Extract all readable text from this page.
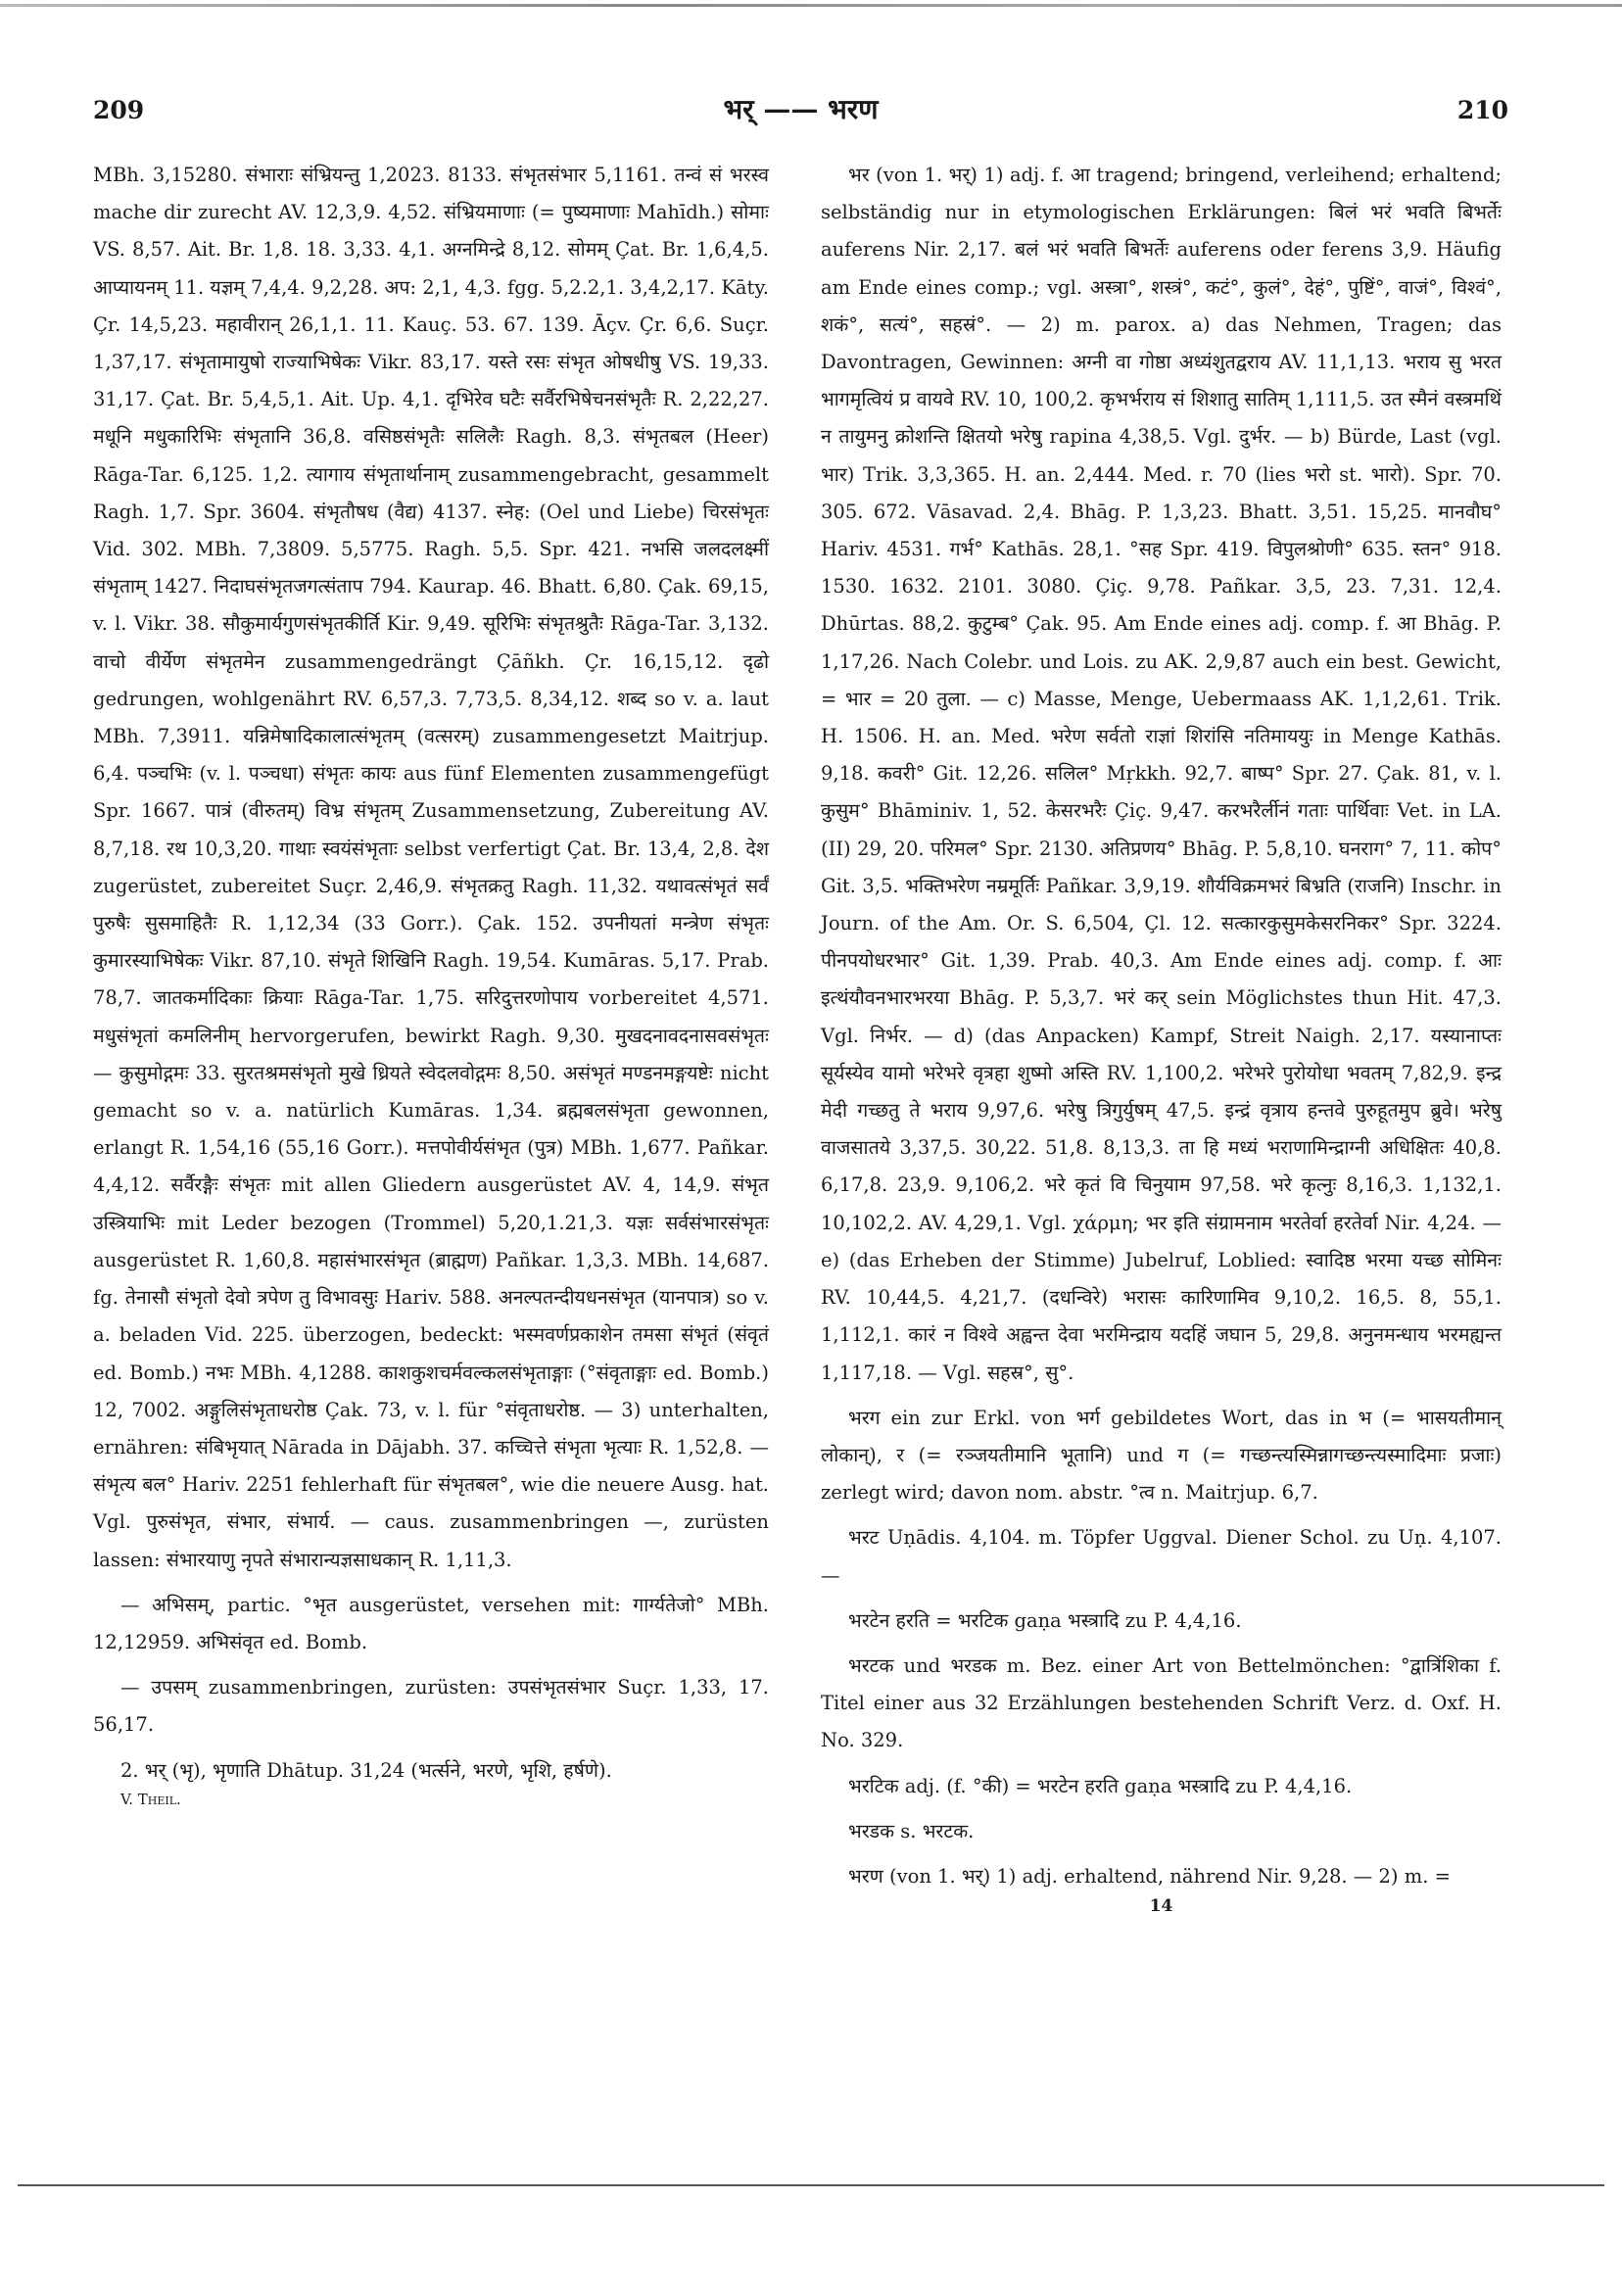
209	भर् —— भरण	210

MBh. 3,15280. संभाराः संभ्रियन्तु 1,2023. 8133. संभृतसंभार 5,1161. तन्वं सं भरस्व mache dir zurecht AV. 12,3,9. 4,52. संभ्रियमाणाः (= पुष्यमाणाः Mahīdh.) सोमाः VS. 8,57. Ait. Br. 1,8. 18. 3,33. 4,1. अग्नमिन्द्रे 8,12. सोमम् Çat. Br. 1,6,4,5. आप्यायनम् 11. यज्ञम् 7,4,4. 9,2,28. अप: 2,1, 4,3. fgg. 5,2.2,1. 3,4,2,17. Kāty. Çr. 14,5,23. महावीरान् 26,1,1. 11. Kauç. 53. 67. 139. Āçv. Çr. 6,6. Suçr. 1,37,17. संभृतामायुषो राज्याभिषेकः Vikr. 83,17. यस्ते रसः संभृत ओषधीषु VS. 19,33. 31,17. Çat. Br. 5,4,5,1. Ait. Up. 4,1. दृभिरेव घटैः सर्वैरभिषेचनसंभृतैः R. 2,22,27. मधूनि मधुकारिभिः संभृतानि 36,8. वसिष्ठसंभृतैः सलिलैः Ragh. 8,3. संभृतबल (Heer) Rāga-Tar. 6,125. 1,2. त्यागाय संभृतार्थानाम् zusammengebracht, gesammelt Ragh. 1,7. Spr. 3604. संभृतौषध (वैद्य) 4137. स्नेह: (Oel und Liebe) चिरसंभृतः Vid. 302. MBh. 7,3809. 5,5775. Ragh. 5,5. Spr. 421. नभसि जलदलक्ष्मीं संभृताम् 1427. निदाघसंभृतजगत्संताप 794. Kaurap. 46. Bhatt. 6,80. Çak. 69,15, v. l. Vikr. 38. सौकुमार्यगुणसंभृतकीर्ति Kir. 9,49. सूरिभिः संभृतश्रुतैः Rāga-Tar. 3,132. वाचो वीर्येण संभृतमेन zusammengedrängt Çāñkh. Çr. 16,15,12. दृढो gedrungen, wohlgenährt RV. 6,57,3. 7,73,5. 8,34,12. शब्द so v. a. laut MBh. 7,3911. यन्निमेषादिकालात्संभृतम् (वत्सरम्) zusammengesetzt Maitrjup. 6,4. पञ्चभिः (v. l. पञ्चधा) संभृतः कायः aus fünf Elementen zusammengefügt Spr. 1667. पात्रं (वीरुतम्) विभ्र संभृतम् Zusammensetzung, Zubereitung AV. 8,7,18. रथ 10,3,20. गाथाः स्वयंसंभृताः selbst verfertigt Çat. Br. 13,4, 2,8. देश zugerüstet, zubereitet Suçr. 2,46,9. संभृतक्रतु Ragh. 11,32. यथावत्संभृतं सर्वं पुरुषैः सुसमाहितैः R. 1,12,34 (33 Gorr.). Çak. 152. उपनीयतां मन्त्रेण संभृतः कुमारस्याभिषेकः Vikr. 87,10. संभृते शिखिनि Ragh. 19,54. Kumāras. 5,17. Prab. 78,7. जातकर्मादिकाः क्रियाः Rāga-Tar. 1,75. सरिदुत्तरणोपाय vorbereitet 4,571. मधुसंभृतां कमलिनीम् hervorgerufen, bewirkt Ragh. 9,30. मुखदनावदनासवसंभृतः — कुसुमोद्गमः 33. सुरतश्रमसंभृतो मुखे ध्रियते स्वेदलवोद्गमः 8,50. असंभृतं मण्डनमङ्गयष्टेः nicht gemacht so v. a. natürlich Kumāras. 1,34. ब्रह्मबलसंभृता gewonnen, erlangt R. 1,54,16 (55,16 Gorr.). मत्तपोवीर्यसंभृत (पुत्र) MBh. 1,677. Pañkar. 4,4,12. सर्वैरङ्गैः संभृतः mit allen Gliedern ausgerüstet AV. 4, 14,9. संभृत उस्त्रियाभिः mit Leder bezogen (Trommel) 5,20,1.21,3. यज्ञः सर्वसंभारसंभृतः ausgerüstet R. 1,60,8. महासंभारसंभृत (ब्राह्मण) Pañkar. 1,3,3. MBh. 14,687. fg. तेनासौ संभृतो देवो त्रपेण तु विभावसुः Hariv. 588. अनल्पतन्दीयधनसंभृत (यानपात्र) so v. a. beladen Vid. 225. überzogen, bedeckt: भस्मवर्णप्रकाशेन तमसा संभृतं (संवृतं ed. Bomb.) नभः MBh. 4,1288. काशकुशचर्मवल्कलसंभृताङ्गाः (°संवृताङ्गाः ed. Bomb.) 12, 7002. अङ्गुलिसंभृताधरोष्ठ Çak. 73, v. l. für °संवृताधरोष्ठ. — 3) unterhalten, ernähren: संबिभृयात् Nārada in Dājabh. 37. कच्चित्ते संभृता भृत्याः R. 1,52,8. — संभृत्य बल° Hariv. 2251 fehlerhaft für संभृतबल°, wie die neuere Ausg. hat. Vgl. पुरुसंभृत, संभार, संभार्य. — caus. zusammenbringen —, zurüsten lassen: संभारयाणु नृपते संभारान्यज्ञसाधकान् R. 1,11,3.

— अभिसम्, partic. °भृत ausgerüstet, versehen mit: गार्ग्यतेजो° MBh. 12,12959. अभिसंवृत ed. Bomb.

— उपसम् zusammenbringen, zurüsten: उपसंभृतसंभार Suçr. 1,33, 17. 56,17.

2. भर् (भृ), भृणाति Dhātup. 31,24 (भर्त्सने, भरणे, भृशि, हर्षणे).

V. Theil.

भर (von 1. भर्) 1) adj. f. आ tragend; bringend, verleihend; erhaltend; selbständig nur in etymologischen Erklärungen: बिलं भरं भवति बिभर्तेः auferens Nir. 2,17. बलं भरं भवति बिभर्तेः auferens oder ferens 3,9. Häufig am Ende eines comp.; vgl. अस्त्रा°, शस्त्रं°, कटं°, कुलं°, देहं°, पुष्टिं°, वाजं°, विश्वं°, शकं°, सत्यं°, सहस्रं°. — 2) m. parox. a) das Nehmen, Tragen; das Davontragen, Gewinnen: अग्नी वा गोष्ठा अध्यंशुतद्वराय AV. 11,1,13. भराय सु भरत भागमृत्वियं प्र वायवे RV. 10, 100,2. कृभर्भराय सं शिशातु सातिम् 1,111,5. उत स्मैनं वस्त्रमथिं न तायुमनु क्रोशन्ति क्षितयो भरेषु rapina 4,38,5. Vgl. दुर्भर. — b) Bürde, Last (vgl. भार) Trik. 3,3,365. H. an. 2,444. Med. r. 70 (lies भरो st. भारो). Spr. 70. 305. 672. Vāsavad. 2,4. Bhāg. P. 1,3,23. Bhatt. 3,51. 15,25. मानवौघ° Hariv. 4531. गर्भ° Kathās. 28,1. °सह Spr. 419. विपुलश्रोणी° 635. स्तन° 918. 1530. 1632. 2101. 3080. Çiç. 9,78. Pañkar. 3,5, 23. 7,31. 12,4. Dhūrtas. 88,2. कुटुम्ब° Çak. 95. Am Ende eines adj. comp. f. आ Bhāg. P. 1,17,26. Nach Colebr. und Lois. zu AK. 2,9,87 auch ein best. Gewicht, = भार = 20 तुला. — c) Masse, Menge, Uebermaass AK. 1,1,2,61. Trik. H. 1506. H. an. Med. भरेण सर्वतो राज्ञां शिरांसि नतिमाययुः in Menge Kathās. 9,18. कवरी° Git. 12,26. सलिल° Mṛkkh. 92,7. बाष्प° Spr. 27. Çak. 81, v. l. कुसुम° Bhāminiv. 1, 52. केसरभरैः Çiç. 9,47. करभरैर्लीनं गताः पार्थिवाः Vet. in LA. (II) 29, 20. परिमल° Spr. 2130. अतिप्रणय° Bhāg. P. 5,8,10. घनराग° 7, 11. कोप° Git. 3,5. भक्तिभरेण नम्रमूर्तिः Pañkar. 3,9,19. शौर्यविक्रमभरं बिभ्रति (राजनि) Inschr. in Journ. of the Am. Or. S. 6,504, Çl. 12. सत्कारकुसुमकेसरनिकर° Spr. 3224. पीनपयोधरभार° Git. 1,39. Prab. 40,3. Am Ende eines adj. comp. f. आः इत्थंयौवनभारभरया Bhāg. P. 5,3,7. भरं कर् sein Möglichstes thun Hit. 47,3. Vgl. निर्भर. — d) (das Anpacken) Kampf, Streit Naigh. 2,17. यस्यानाप्तः सूर्यस्येव यामो भरेभरे वृत्रहा शुष्मो अस्ति RV. 1,100,2. भरेभरे पुरोयोधा भवतम् 7,82,9. इन्द्र मेदी गच्छतु ते भराय 9,97,6. भरेषु त्रिगुर्युषम् 47,5. इन्द्रं वृत्राय हन्तवे पुरुहूतमुप ब्रुवे। भरेषु वाजसातये 3,37,5. 30,22. 51,8. 8,13,3. ता हि मध्यं भराणामिन्द्राग्नी अधिक्षितः 40,8. 6,17,8. 23,9. 9,106,2. भरे कृतं वि चिनुयाम 97,58. भरे कृत्नुः 8,16,3. 1,132,1. 10,102,2. AV. 4,29,1. Vgl. χάρμη; भर इति संग्रामनाम भरतेर्वा हरतेर्वा Nir. 4,24. — e) (das Erheben der Stimme) Jubelruf, Loblied: स्वादिष्ठ भरमा यच्छ सोमिनः RV. 10,44,5. 4,21,7. (दधन्विरे) भरासः कारिणामिव 9,10,2. 16,5. 8, 55,1. 1,112,1. कारं न विश्वे अह्वन्त देवा भरमिन्द्राय यदहिं जघान 5, 29,8. अनुनमन्धाय भरमह्यन्त 1,117,18. — Vgl. सहस्र°, सु°.

भरग ein zur Erkl. von भर्ग gebildetes Wort, das in भ (= भासयतीमान् लोकान्), र (= रञ्जयतीमानि भूतानि) und ग (= गच्छन्त्यस्मिन्नागच्छन्त्यस्मादिमाः प्रजाः) zerlegt wird; davon nom. abstr. °त्व n. Maitrjup. 6,7.

भरट Uṇādis. 4,104. m. Töpfer Uggval. Diener Schol. zu Uṇ. 4,107. —

भरटेन हरति = भरटिक gaṇa भस्त्रादि zu P. 4,4,16.

भरटक und भरडक m. Bez. einer Art von Bettelmönchen: °द्वात्रिंशिका f. Titel einer aus 32 Erzählungen bestehenden Schrift Verz. d. Oxf. H. No. 329.

भरटिक adj. (f. °की) = भरटेन हरति gaṇa भस्त्रादि zu P. 4,4,16.

भरडक s. भरटक.

भरण (von 1. भर्) 1) adj. erhaltend, nährend Nir. 9,28. — 2) m. =

14
